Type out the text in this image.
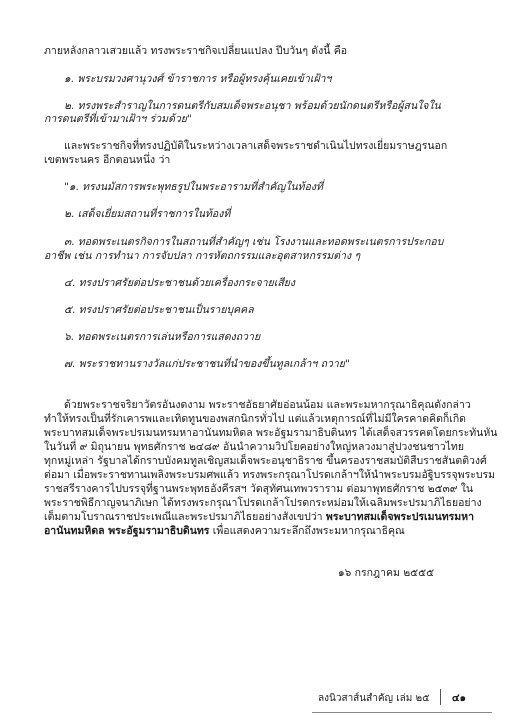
ภายหลังกลาวเสวยแล้ว ทรงพระราชกิจเปลี่ยนแปลง ปีบวันๆ ดังนี้ คือ
๑. พระบรมวงศานุวงศ์ ข้าราชการ หรือผู้ทรงคุ้นเคยเข้าเฝ้าฯ
๒. ทรงพระสำราญในการดนตรีกับสมเด็จพระอนุชา พร้อมด้วยนักดนตรีหรือผู้สนใจใน
การดนตรีที่เข้ามาเฝ้าฯ ร่วมด้วย"
และพระราชกิจที่ทรงปฏิบัติในระหว่างเวลาเสด็จพระราชดำเนินไปทรงเยี่ยมราษฎรนอก
เขตพระนคร อีกตอนหนึ่ง ว่า
"๑. ทรงนมัสการพระพุทธรูปในพระอารามที่สำคัญในท้องที่
๒. เสด็จเยี่ยมสถานที่ราชการในท้องที่
๓. ทอดพระเนตรกิจการในสถานที่สำคัญๆ เช่น โรงงานและทอดพระเนตรการประกอบ
อาชีพ เช่น การทำนา การจับปลา การหัตถกรรมและอุตสาหกรรมต่าง ๆ
๔. ทรงปราศรัยต่อประชาชนด้วยเครื่องกระจายเสียง
๕. ทรงปราศรัยต่อประชาชนเป็นรายบุคคล
๖. ทอดพระเนตรการเล่นหรือการแสดงถวาย
๗. พระราชทานรางวัลแก่ประชาชนที่นำของขึ้นทูลเกล้าฯ ถวาย"
ด้วยพระราชจริยาวัตรอันงดงาม พระราชอัธยาศัยอ่อนน้อม และพระมหากรุณาธิคุณดังกล่าว
ทำให้ทรงเป็นที่รักเคารพและเทิดทูนของพสกนิกรทั่วไป แต่แล้วเหตุการณ์ที่ไม่มีใครคาดคิดก็เกิด
พระบาทสมเด็จพระปรเมนทรมหาอานันทมหิดล พระอัฐมรามาธิบดินทร ได้เสด็จสวรรคตโดยกระทันหัน
ในวันที่ ๙ มิถุนายน พุทธศักราช ๒๔๘๙ อันนำความวิปโยคอย่างใหญ่หลวงมาสู่ปวงชนชาวไทย
ทุกหมู่เหล่า รัฐบาลได้กราบบังคมทูลเชิญสมเด็จพระอนุชาธิราช ขึ้นครองราชสมบัติสืบราชสันตติวงศ์
ต่อมา เมื่อพระราชทานเพลิงพระบรมศพแล้ว ทรงพระกรุณาโปรดเกล้าฯให้นำพระบรมอัฐิบรรจุพระบรม
ราชสรีรางคารไปบรรจุที่ฐานพระพุทธอังคีรสฯ วัดสุทัศนเทพวราราม ต่อมาพุทธศักราช ๒๕๓๙ ใน
พระราชพิธีกาญจนาภิเษก ได้ทรงพระกรุณาโปรดเกล้าโปรดกระหม่อมให้เฉลิมพระปรมาภิไธยอย่าง
เต็มตามโบราณราชประเพณีและพระปรมาภิไธยอย่างสังเขปว่า พระบาทสมเด็จพระปรเมนทรมหา
อานันทมหิดล พระอัฐมรามาธิบดินทร เพื่อแสดงความระลึกถึงพระมหากรุณาธิคุณ
๑๖ กรกฎาคม ๒๕๕๕
ลงนิวสาส์นสำคัญ เล่ม ๒๕ ๔๑
